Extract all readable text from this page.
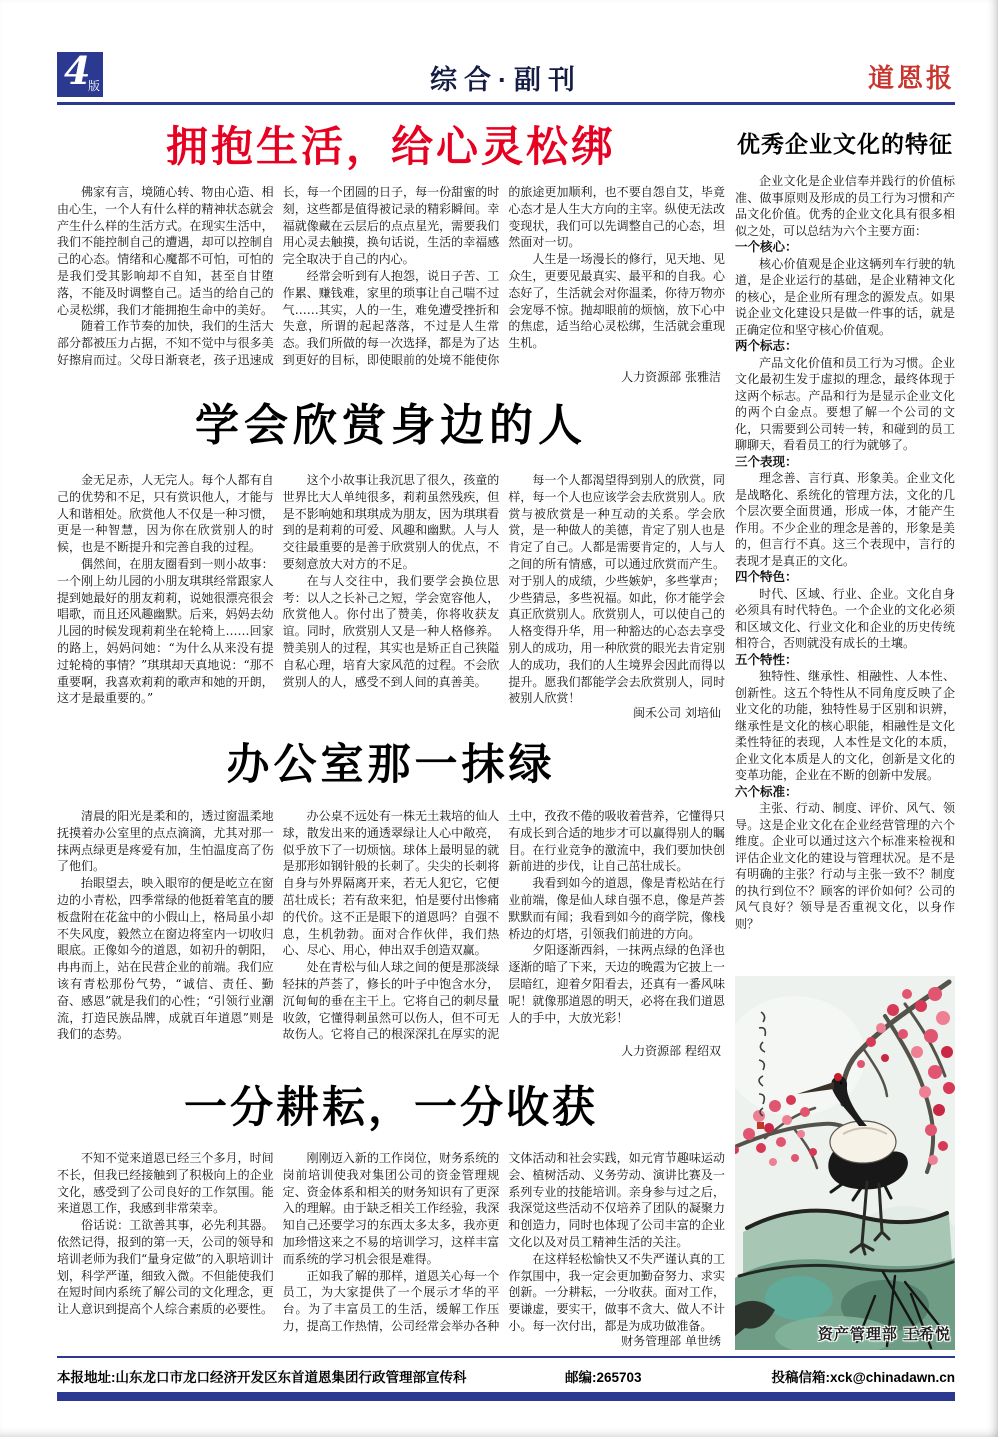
4
版	综合·副刊	道恩报
拥抱生活，给心灵松绑

佛家有言，境随心转、物由心造、相由心生，一个人有什么样的精神状态就会产生什么样的生活方式。在现实生活中，我们不能控制自己的遭遇，却可以控制自己的心态。情绪和心魔都不可怕，可怕的是我们受其影响却不自知，甚至自甘堕落，不能及时调整自己。适当的给自己的心灵松绑，我们才能拥抱生命中的美好。

随着工作节奏的加快，我们的生活大部分都被压力占据，不知不觉中与很多美好擦肩而过。父母日渐衰老，孩子迅速成长，每一个团圆的日子，每一份甜蜜的时刻，这些都是值得被记录的精彩瞬间。幸福就像藏在云层后的点点星光，需要我们用心灵去触摸，换句话说，生活的幸福感完全取决于自己的内心。

经常会听到有人抱怨，说日子苦、工作累、赚钱难，家里的琐事让自己喘不过气……其实，人的一生，难免遭受挫折和失意，所谓的起起落落，不过是人生常态。我们所做的每一次选择，都是为了达到更好的目标，即使眼前的处境不能使你的旅途更加顺利，也不要自怨自艾，毕竟心态才是人生大方向的主宰。纵使无法改变现状，我们可以先调整自己的心态，坦然面对一切。

人生是一场漫长的修行，见天地、见众生，更要见最真实、最平和的自我。心态好了，生活就会对你温柔，你待万物亦会宠辱不惊。抛却眼前的烦恼，放下心中的焦虑，适当给心灵松绑，生活就会重现生机。

人力资源部 张雅洁
学会欣赏身边的人

金无足赤，人无完人。每个人都有自己的优势和不足，只有赏识他人，才能与人和谐相处。欣赏他人不仅是一种习惯，更是一种智慧，因为你在欣赏别人的时候，也是不断提升和完善自我的过程。

偶然间，在朋友圈看到一则小故事：一个刚上幼儿园的小朋友琪琪经常跟家人提到她最好的朋友莉莉，说她很漂亮很会唱歌，而且还风趣幽默。后来，妈妈去幼儿园的时候发现莉莉坐在轮椅上……回家的路上，妈妈问她：“为什么从来没有提过轮椅的事情？”琪琪却天真地说：“那不重要啊，我喜欢莉莉的歌声和她的开朗，这才是最重要的。”

这个小故事让我沉思了很久，孩童的世界比大人单纯很多，莉莉虽然残疾，但是不影响她和琪琪成为朋友，因为琪琪看到的是莉莉的可爱、风趣和幽默。人与人交往最重要的是善于欣赏别人的优点，不要刻意放大对方的不足。

在与人交往中，我们要学会换位思考：以人之长补己之短，学会宽容他人，欣赏他人。你付出了赞美，你将收获友谊。同时，欣赏别人又是一种人格修养。赞美别人的过程，其实也是矫正自己狭隘自私心理，培育大家风范的过程。不会欣赏别人的人，感受不到人间的真善美。

每一个人都渴望得到别人的欣赏，同样，每一个人也应该学会去欣赏别人。欣赏与被欣赏是一种互动的关系。学会欣赏，是一种做人的美德，肯定了别人也是肯定了自己。人都是需要肯定的，人与人之间的所有情感，可以通过欣赏而产生。对于别人的成绩，少些嫉妒，多些掌声；少些猜忌，多些祝福。如此，你才能学会真正欣赏别人。欣赏别人，可以使自己的人格变得升华，用一种豁达的心态去享受别人的成功，用一种欣赏的眼光去肯定别人的成功，我们的人生境界会因此而得以提升。愿我们都能学会去欣赏别人，同时被别人欣赏！

闽禾公司 刘培仙
办公室那一抹绿

清晨的阳光是柔和的，透过窗温柔地抚摸着办公室里的点点滴滴，尤其对那一抹两点绿更是疼爱有加，生怕温度高了伤了他们。

抬眼望去，映入眼帘的便是屹立在窗边的小青松，四季常绿的他挺着笔直的腰板盘附在花盆中的小假山上，格局虽小却不失风度，毅然立在窗边将室内一切收归眼底。正像如今的道恩，如初升的朝阳，冉冉而上，站在民营企业的前端。我们应该有青松那份气势，“诚信、责任、勤奋、感恩”就是我们的心性；“引领行业潮流，打造民族品牌，成就百年道恩”则是我们的态势。

办公桌不远处有一株无土栽培的仙人球，散发出来的通透翠绿让人心中敞亮，似乎放下了一切烦恼。球体上最明显的就是那形如钢针般的长刺了。尖尖的长刺将自身与外界隔离开来，若无人犯它，它便茁壮成长；若有敌来犯，怕是要付出惨痛的代价。这不正是眼下的道恩吗？自强不息，生机勃勃。面对合作伙伴，我们热心、尽心、用心，伸出双手创造双赢。

处在青松与仙人球之间的便是那淡绿轻抹的芦荟了，修长的叶子中饱含水分，沉甸甸的垂在主干上。它将自己的刺尽量收敛，它懂得刺虽然可以伤人，但不可无故伤人。它将自己的根深深扎在厚实的泥土中，孜孜不倦的吸收着营养，它懂得只有成长到合适的地步才可以赢得别人的瞩目。在行业竞争的激流中，我们要加快创新前进的步伐，让自己茁壮成长。

我看到如今的道恩，像是青松站在行业前端，像是仙人球自强不息，像是芦荟默默而有闻；我看到如今的商学院，像栈桥边的灯塔，引领我们前进的方向。

夕阳逐渐西斜，一抹两点绿的色泽也逐渐的暗了下来，天边的晚霞为它披上一层暗红，迎着夕阳看去，还真有一番风味呢！就像那道恩的明天，必将在我们道恩人的手中，大放光彩！

人力资源部 程绍双
一分耕耘，一分收获

不知不觉来道恩已经三个多月，时间不长，但我已经接触到了积极向上的企业文化，感受到了公司良好的工作氛围。能来道恩工作，我感到非常荣幸。

俗话说：工欲善其事，必先利其器。依然记得，报到的第一天，公司的领导和培训老师为我们“量身定做”的入职培训计划，科学严谨，细致入微。不但能使我们在短时间内系统了解公司的文化理念，更让人意识到提高个人综合素质的必要性。

刚刚迈入新的工作岗位，财务系统的岗前培训使我对集团公司的资金管理规定、资金体系和相关的财务知识有了更深入的理解。由于缺乏相关工作经验，我深知自己还要学习的东西太多太多，我亦更加珍惜这来之不易的培训学习，这样丰富而系统的学习机会很是难得。

正如我了解的那样，道恩关心每一个员工，为大家提供了一个展示才华的平台。为了丰富员工的生活，缓解工作压力，提高工作热情，公司经常会举办各种文体活动和社会实践，如元宵节趣味运动会、植树活动、义务劳动、演讲比赛及一系列专业的技能培训。亲身参与过之后，我深觉这些活动不仅培养了团队的凝聚力和创造力，同时也体现了公司丰富的企业文化以及对员工精神生活的关注。

在这样轻松愉快又不失严谨认真的工作氛围中，我一定会更加勤奋努力、求实创新。一分耕耘，一分收获。面对工作，要谦虚，要实干，做事不贪大、做人不计小。每一次付出，都是为成功做准备。

财务管理部 单世绣
优秀企业文化的特征

企业文化是企业信奉并践行的价值标准、做事原则及形成的员工行为习惯和产品文化价值。优秀的企业文化具有很多相似之处，可以总结为六个主要方面：

一个核心：

核心价值观是企业这辆列车行驶的轨道，是企业运行的基础，是企业精神文化的核心，是企业所有理念的源发点。如果说企业文化建设只是做一件事的话，就是正确定位和坚守核心价值观。

两个标志：

产品文化价值和员工行为习惯。企业文化最初生发于虚拟的理念，最终体现于这两个标志。产品和行为是显示企业文化的两个白金点。要想了解一个公司的文化，只需要到公司转一转，和碰到的员工聊聊天，看看员工的行为就够了。

三个表现：

理念善、言行真、形象美。企业文化是战略化、系统化的管理方法，文化的几个层次要全面贯通，形成一体，才能产生作用。不少企业的理念是善的，形象是美的，但言行不真。这三个表现中，言行的表现才是真正的文化。

四个特色：

时代、区域、行业、企业。文化自身必须具有时代特色。一个企业的文化必须和区域文化、行业文化和企业的历史传统相符合，否则就没有成长的土壤。

五个特性：

独特性、继承性、相融性、人本性、创新性。这五个特性从不同角度反映了企业文化的功能，独特性易于区别和识辨，继承性是文化的核心职能，相融性是文化柔性特征的表现，人本性是文化的本质，企业文化本质是人的文化，创新是文化的变革功能，企业在不断的创新中发展。

六个标准：

主张、行动、制度、评价、风气、领导。这是企业文化在企业经营管理的六个维度。企业可以通过这六个标准来检视和评估企业文化的建设与管理状况。是不是有明确的主张？行动与主张一致不？制度的执行到位不？顾客的评价如何？公司的风气良好？领导是否重视文化，以身作则？

资产管理部 王希悦
本报地址:山东龙口市龙口经济开发区东首道恩集团行政管理部宣传科	邮编:265703	投稿信箱:xck@chinadawn.cn
